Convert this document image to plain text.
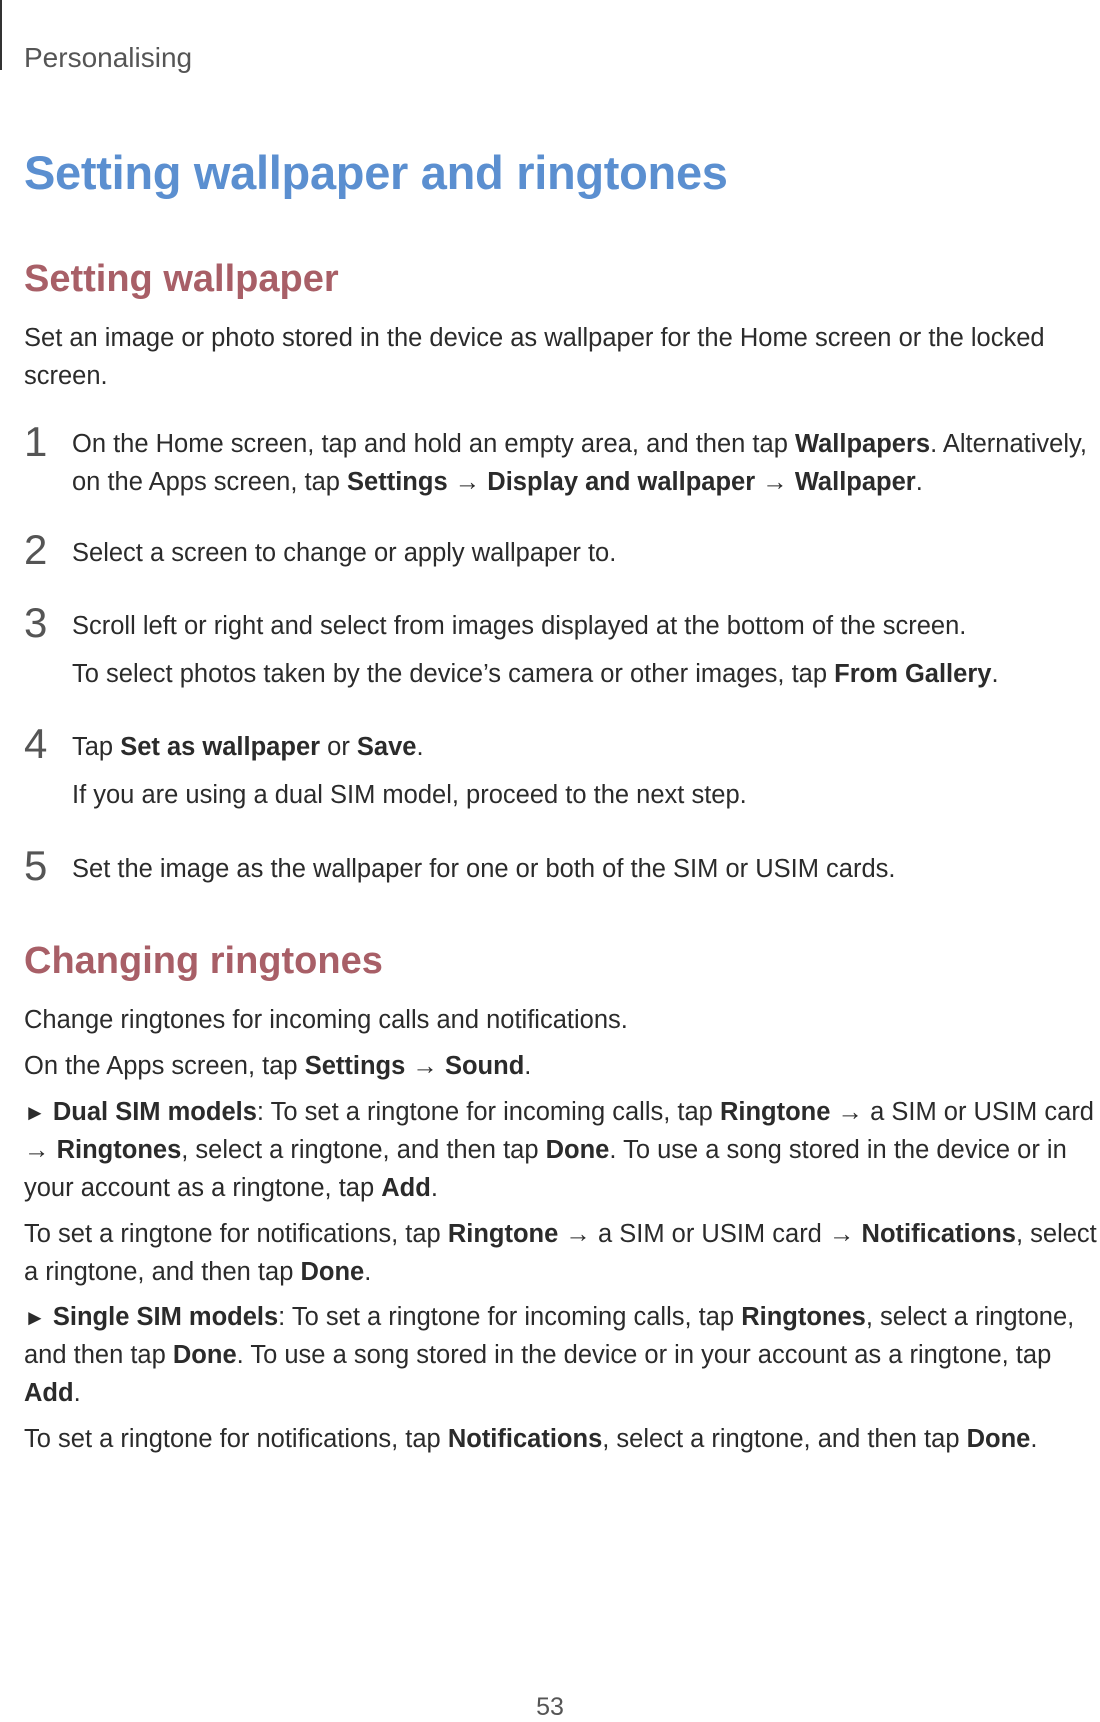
Personalising
Setting wallpaper and ringtones
Setting wallpaper

Set an image or photo stored in the device as wallpaper for the Home screen or the locked

screen.

1 On the Home screen, tap and hold an empty area, and then tap Wallpapers. Alternatively,
on the Apps screen, tap Settings → Display and wallpaper → Wallpaper.
2 Select a screen to change or apply wallpaper to.
3 Scroll left or right and select from images displayed at the bottom of the screen.
To select photos taken by the device’s camera or other images, tap From Gallery.
4 Tap Set as wallpaper or Save.
If you are using a dual SIM model, proceed to the next step.
5 Set the image as the wallpaper for one or both of the SIM or USIM cards.
Changing ringtones

Change ringtones for incoming calls and notifications.

On the Apps screen, tap Settings → Sound.

► Dual SIM models: To set a ringtone for incoming calls, tap Ringtone → a SIM or USIM card

→ Ringtones, select a ringtone, and then tap Done. To use a song stored in the device or in

your account as a ringtone, tap Add.

To set a ringtone for notifications, tap Ringtone → a SIM or USIM card → Notifications, select

a ringtone, and then tap Done.

► Single SIM models: To set a ringtone for incoming calls, tap Ringtones, select a ringtone,

and then tap Done. To use a song stored in the device or in your account as a ringtone, tap

Add.

To set a ringtone for notifications, tap Notifications, select a ringtone, and then tap Done.

53
